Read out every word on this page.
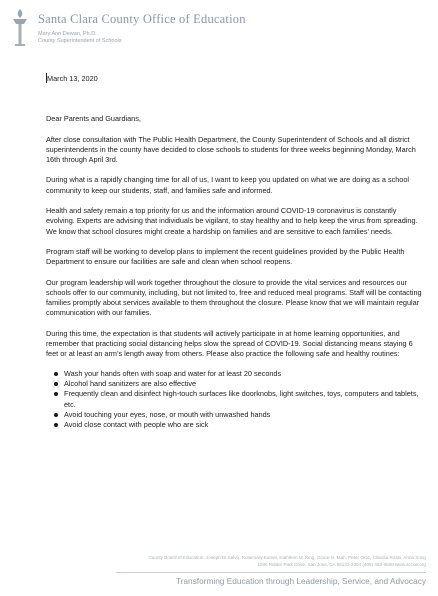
Santa Clara County Office of Education
Mary Ann Dewan, Ph.D.
County Superintendent of Schools

March 13, 2020

Dear Parents and Guardians,

After close consultation with The Public Health Department, the County Superintendent of Schools and all district superintendents in the county have decided to close schools to students for three weeks beginning Monday, March 16th through April 3rd.

During what is a rapidly changing time for all of us, I want to keep you updated on what we are doing as a school community to keep our students, staff, and families safe and informed.

Health and safety remain a top priority for us and the information around COVID-19 coronavirus is constantly evolving. Experts are advising that individuals be vigilant, to stay healthy and to help keep the virus from spreading. We know that school closures might create a hardship on families and are sensitive to each families’ needs.

Program staff will be working to develop plans to implement the recent guidelines provided by the Public Health Department to ensure our facilities are safe and clean when school reopens.

Our program leadership will work together throughout the closure to provide the vital services and resources our schools offer to our community, including, but not limited to, free and reduced meal programs. Staff will be contacting families promptly about services available to them throughout the closure. Please know that we will maintain regular communication with our families.

During this time, the expectation is that students will actively participate in at home learning opportunities, and remember that practicing social distancing helps slow the spread of COVID-19. Social distancing means staying 6 feet or at least an arm’s length away from others. Please also practice the following safe and healthy routines:

Wash your hands often with soap and water for at least 20 seconds
Alcohol hand sanitizers are also effective
Frequently clean and disinfect high-touch surfaces like doorknobs, light switches, toys, computers and tablets, etc.
Avoid touching your eyes, nose, or mouth with unwashed hands
Avoid close contact with people who are sick
County Board of Education: Joseph Di Salvo, Rosemary Kamei, Kathleen M. King, Grace H. Mah, Peter Ortiz, Claudia Rossi, Anna Song
1290 Ridder Park Drive, San Jose, CA 95131-2304 (408) 453-6500 www.sccoe.org
Transforming Education through Leadership, Service, and Advocacy
